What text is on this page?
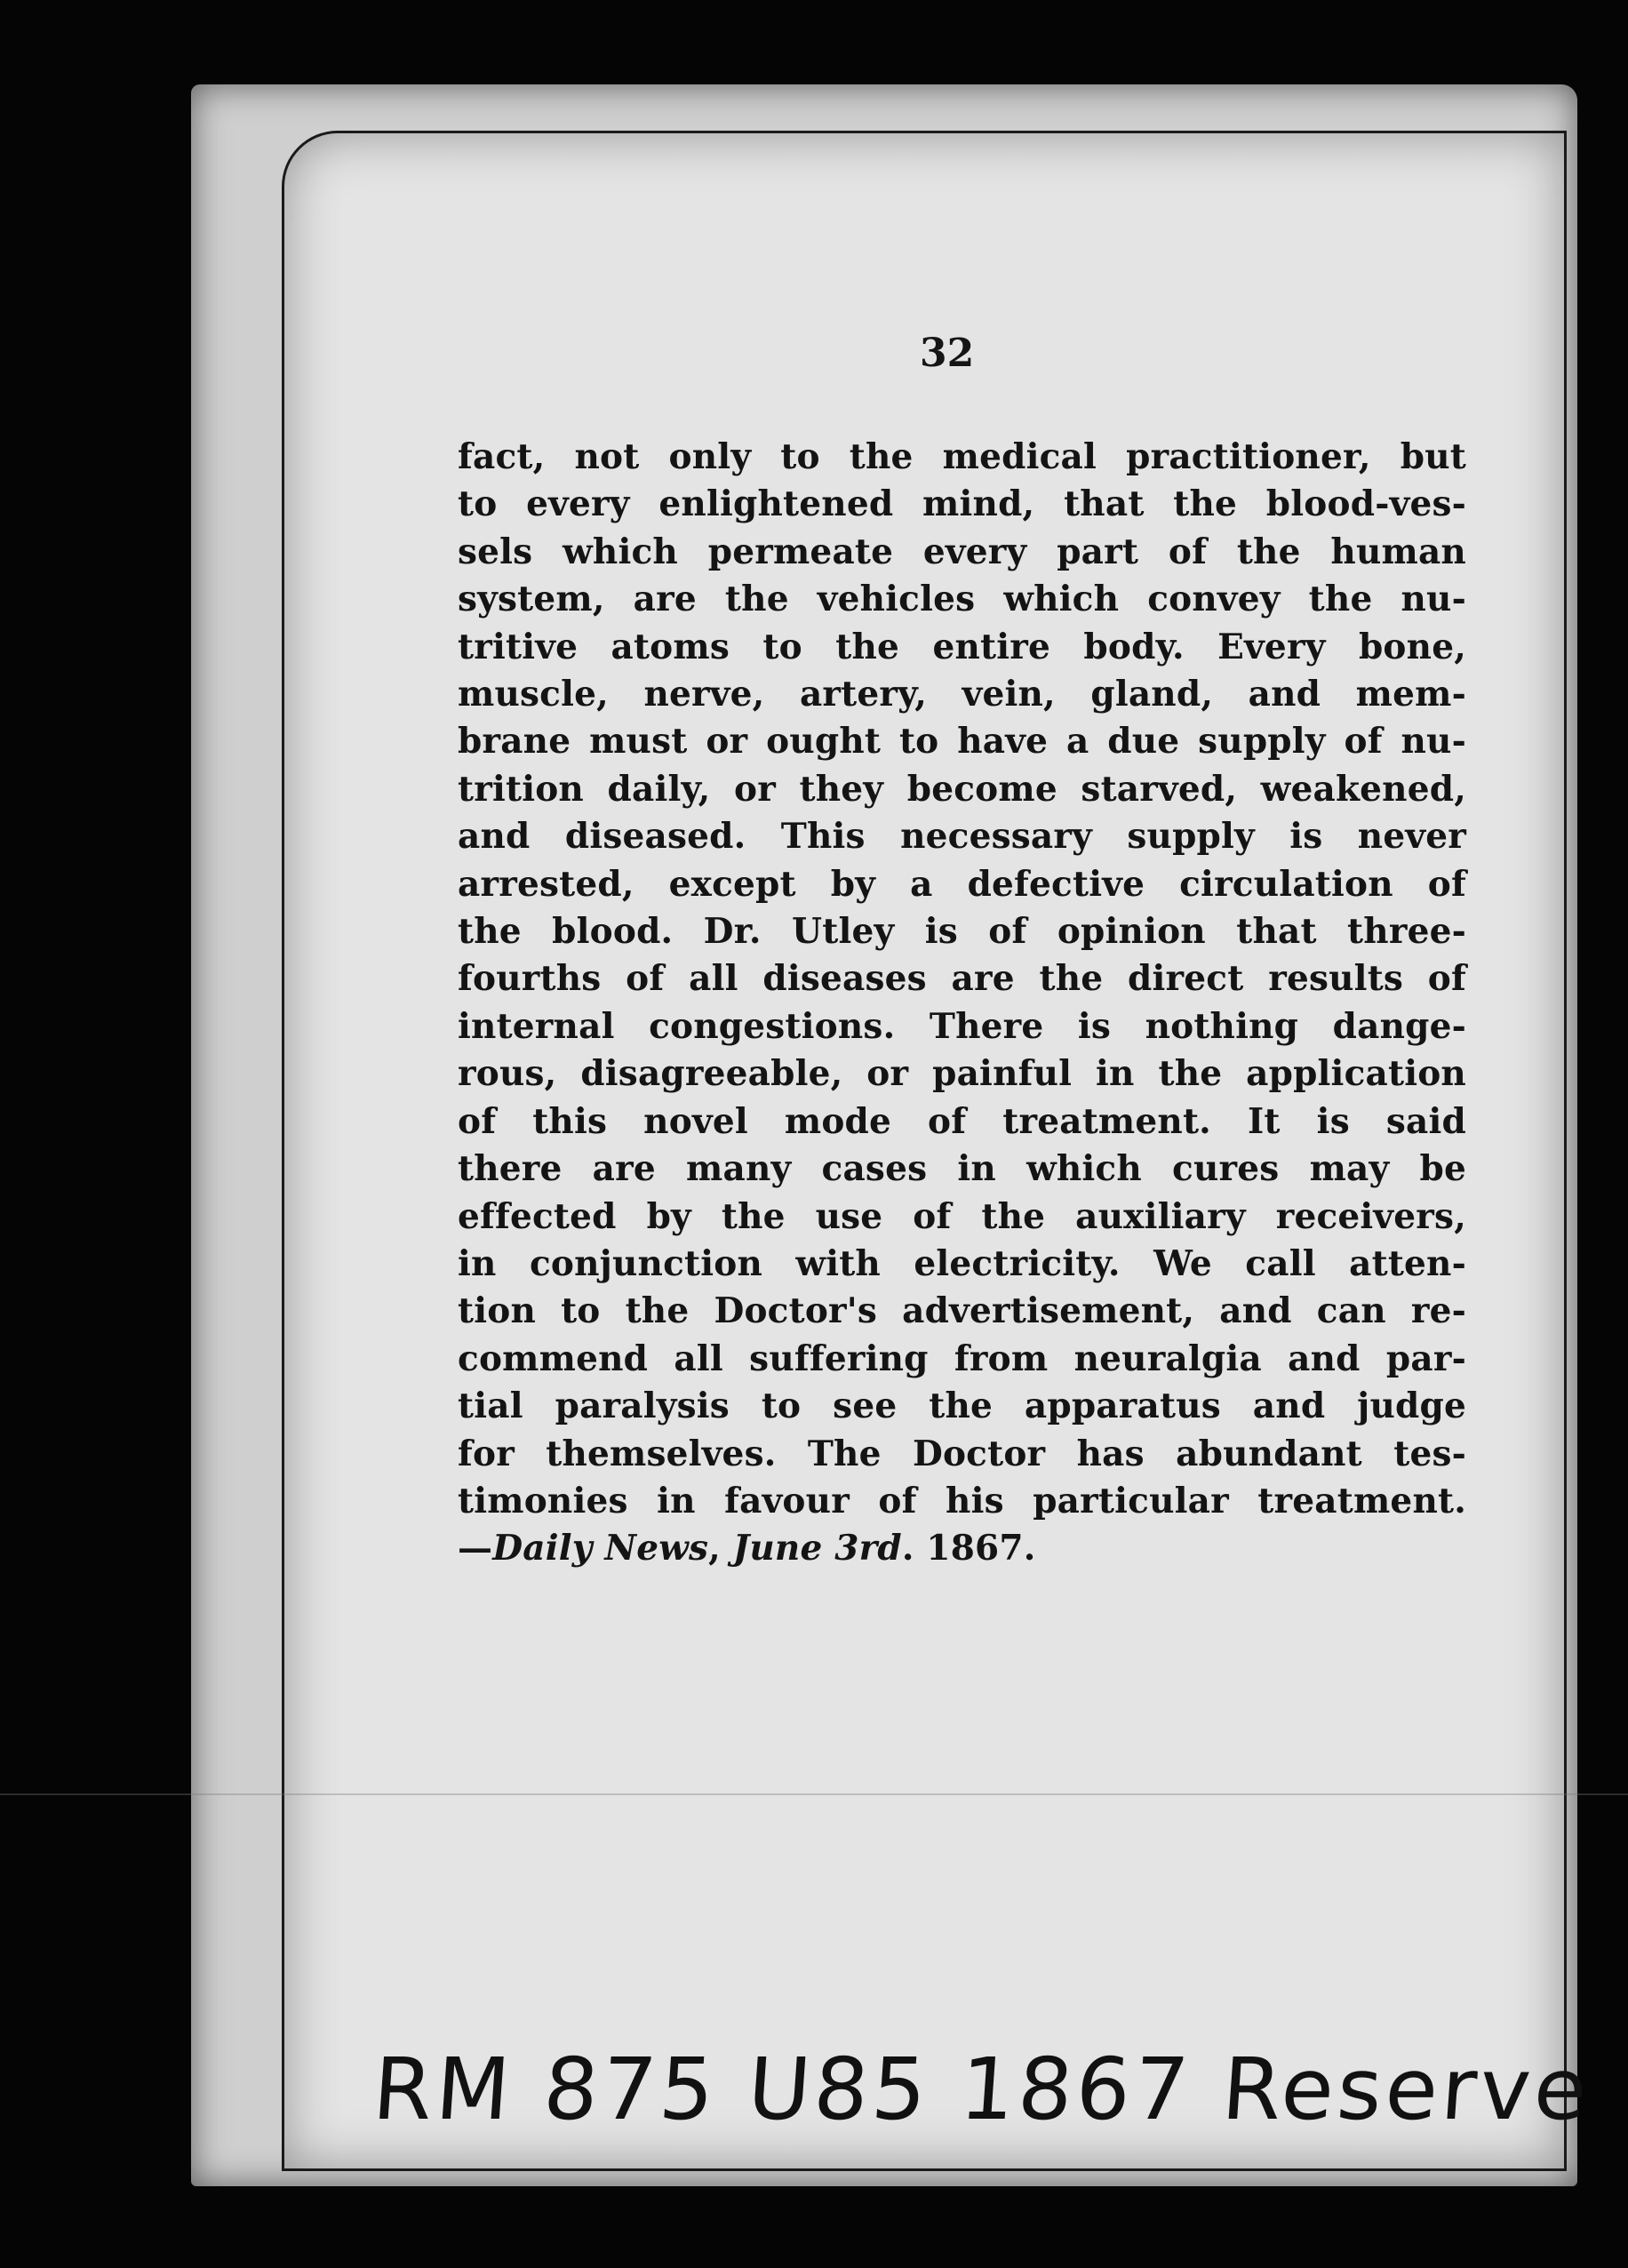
32
fact, not only to the medical practitioner, but
to every enlightened mind, that the blood-ves-
sels which permeate every part of the human
system, are the vehicles which convey the nu-
tritive atoms to the entire body. Every bone,
muscle, nerve, artery, vein, gland, and mem-
brane must or ought to have a due supply of nu-
trition daily, or they become starved, weakened,
and diseased. This necessary supply is never
arrested, except by a defective circulation of
the blood. Dr. Utley is of opinion that three-
fourths of all diseases are the direct results of
internal congestions. There is nothing dange-
rous, disagreeable, or painful in the application
of this novel mode of treatment. It is said
there are many cases in which cures may be
effected by the use of the auxiliary receivers,
in conjunction with electricity. We call atten-
tion to the Doctor's advertisement, and can re-
commend all suffering from neuralgia and par-
tial paralysis to see the apparatus and judge
for themselves. The Doctor has abundant tes-
timonies in favour of his particular treatment.
—Daily News, June 3rd. 1867.
RM 875 U85 1867 Reserve
